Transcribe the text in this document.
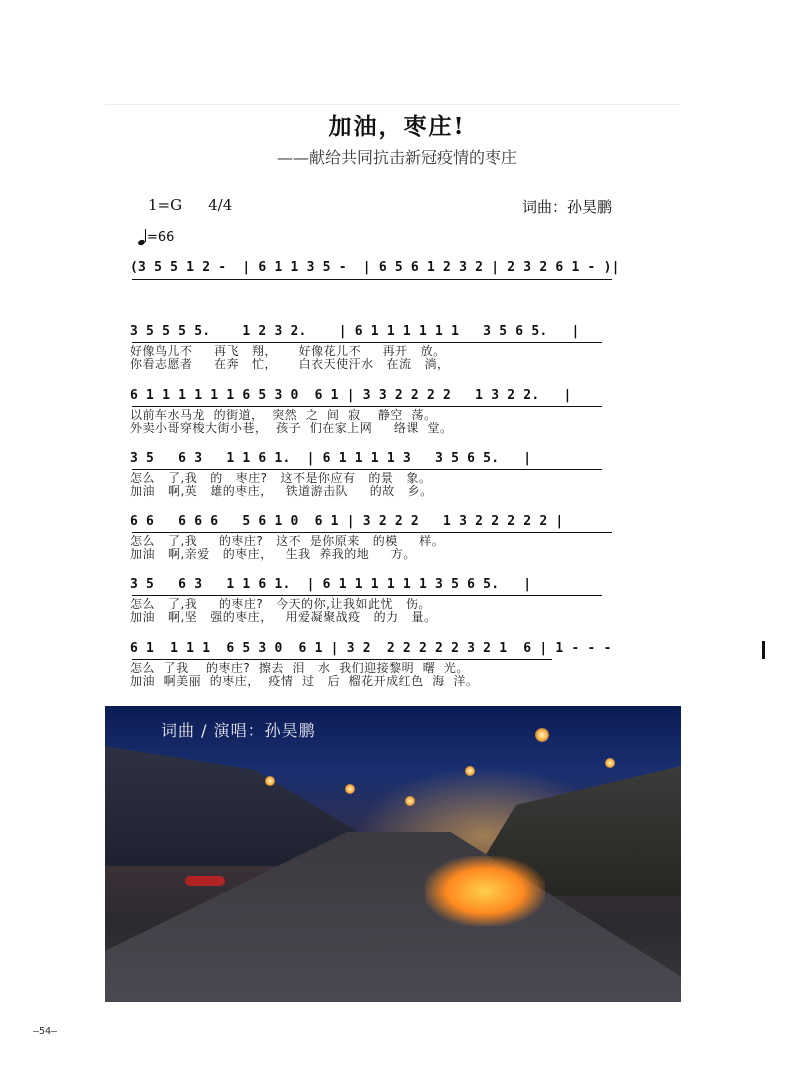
加油，枣庄!
——献给共同抗击新冠疫情的枣庄
1=G 4/4	词曲：孙昊鹏
=66
(3 5 5 1 2 -  | 6 1 1 3 5 -  | 6 5 6 1 2 3 2 | 2 3 2 6 1 - )|
3 5 5 5 5.    1 2 3 2.    | 6 1 1 1 1 1 1   3 5 6 5.   |
好像鸟儿不     再飞   翔，     好像花儿不     再开   放。
你看志愿者     在奔   忙，     白衣天使汗水   在流   淌，
6 1 1 1 1 1 1 6 5 3 0  6 1 | 3 3 2 2 2 2   1 3 2 2.   |
以前车水马龙  的街道，  突然  之  间  寂    静空  荡。
外卖小哥穿梭大街小巷，  孩子  们在家上网     络课  堂。
3 5   6 3   1 1 6 1.  | 6 1 1 1 1 3   3 5 6 5.   |
怎么   了,我   的   枣庄?   这不是你应有   的景   象。
加油   啊,英   雄的枣庄，   铁道游击队     的故   乡。
6 6   6 6 6   5 6 1 0  6 1 | 3 2 2 2   1 3 2 2 2 2 2 |
怎么   了,我     的枣庄?   这不  是你原来   的模     样。
加油   啊,亲爱   的枣庄，   生我  养我的地     方。
3 5   6 3   1 1 6 1.  | 6 1 1 1 1 1 1 3 5 6 5.   |
怎么   了,我     的枣庄?   今天的你,让我如此忧   伤。
加油   啊,坚   强的枣庄，   用爱凝聚战疫   的力   量。
6 1  1 1 1  6 5 3 0  6 1 | 3 2  2 2 2 2 2 3 2 1  6 | 1 - - -
怎么  了我    的枣庄?  擦去  泪   水  我们迎接黎明  曙  光。
加油  啊美丽  的枣庄，  疫情  过   后  榴花开成红色  海  洋。
词曲 / 演唱：孙昊鹏
—54—
